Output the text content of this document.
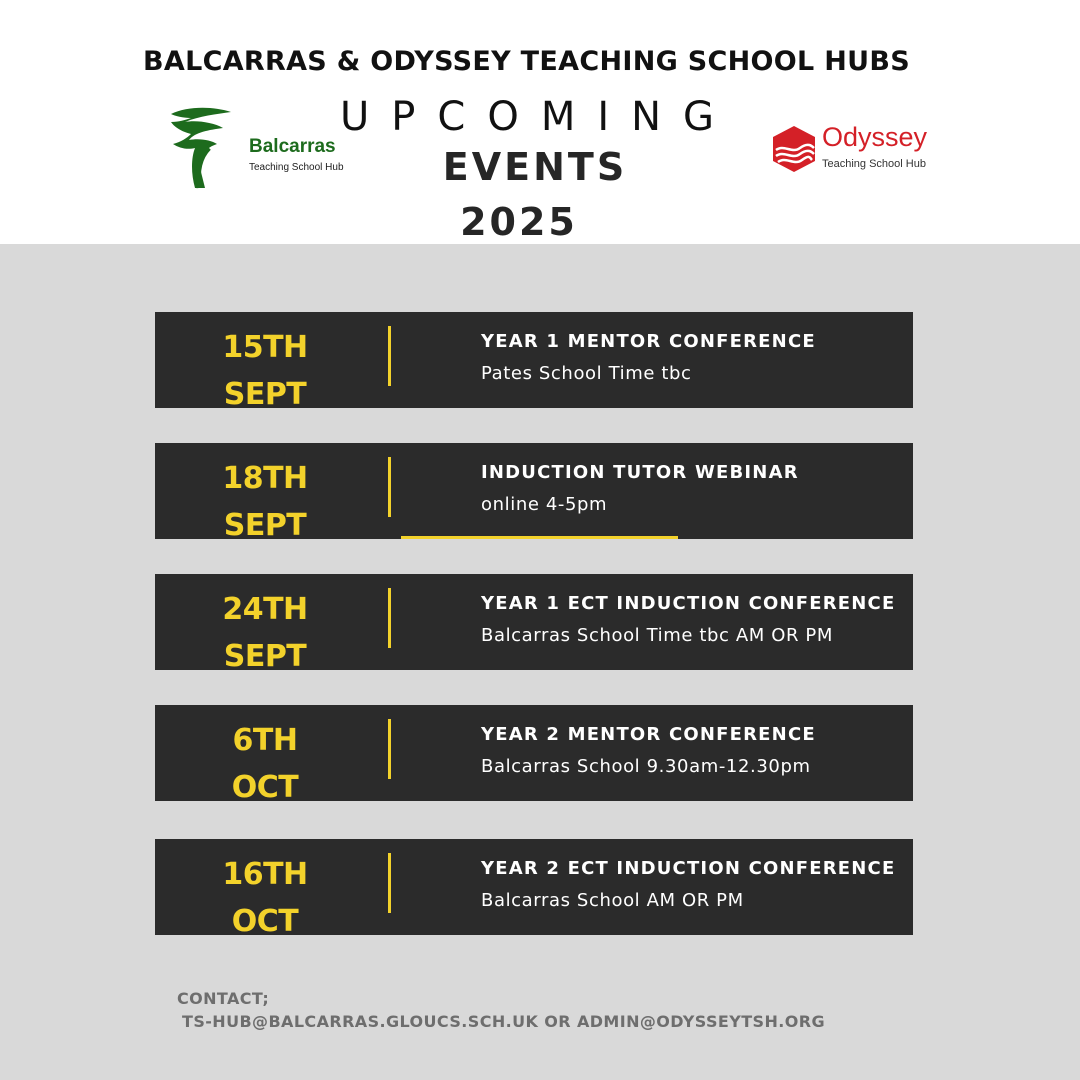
BALCARRAS & ODYSSEY TEACHING SCHOOL HUBS
Balcarras
Teaching School Hub
Odyssey
Teaching School Hub
UPCOMING
EVENTS
2025
15TH
SEPT
YEAR 1 MENTOR CONFERENCE
Pates School Time tbc
18TH
SEPT
INDUCTION TUTOR WEBINAR
online 4-5pm
24TH
SEPT
YEAR 1 ECT INDUCTION CONFERENCE
Balcarras School Time tbc AM OR PM
6TH
OCT
YEAR 2 MENTOR CONFERENCE
Balcarras School 9.30am-12.30pm
16TH
OCT
YEAR 2 ECT INDUCTION CONFERENCE
Balcarras School AM OR PM
CONTACT;
TS-HUB@BALCARRAS.GLOUCS.SCH.UK OR ADMIN@ODYSSEYTSH.ORG
